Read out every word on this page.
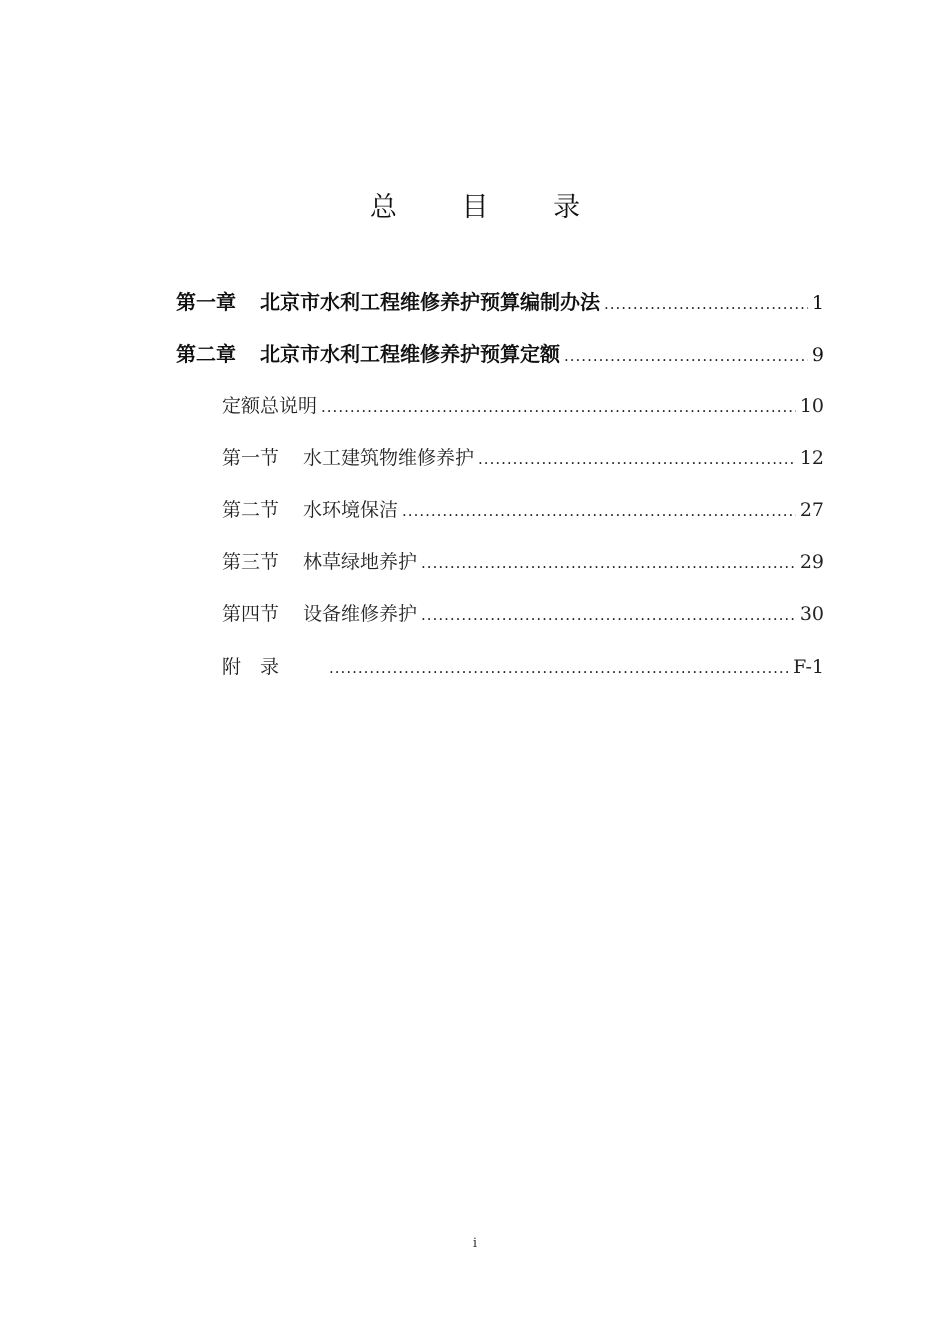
总 目 录
第一章 北京市水利工程维修养护预算编制办法 .....	1
第二章 北京市水利工程维修养护预算定额 .....	9
定额总说明 .....	10
第一节 水工建筑物维修养护 .....	12
第二节 水环境保洁 .....	27
第三节 林草绿地养护 .....	29
第四节 设备维修养护 .....	30
附　录 .....	F-1
i
